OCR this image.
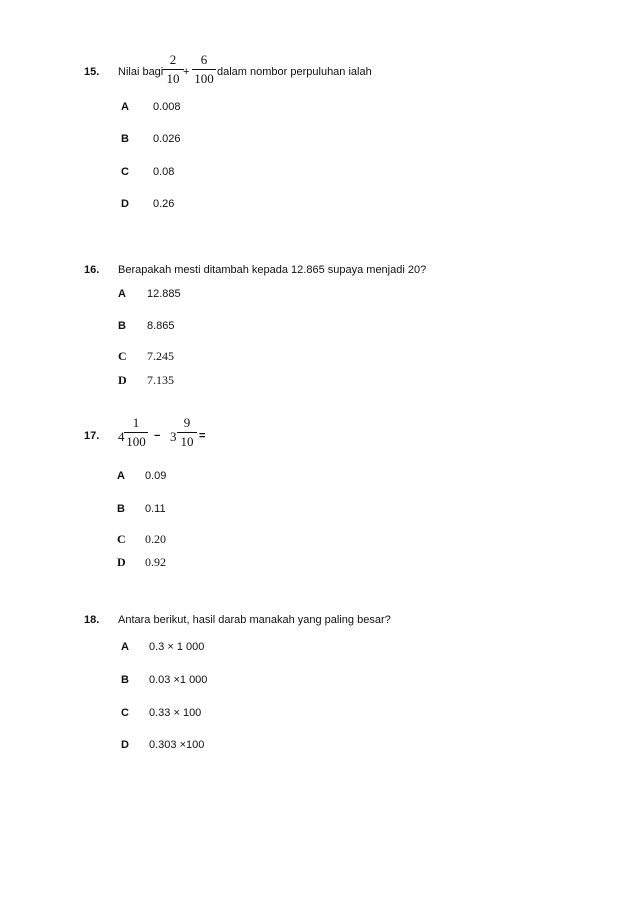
15. Nilai bagi
2
10 +
6
100 dalam nombor perpuluhan ialah
A 0.008
B 0.026
C 0.08
D 0.26
16. Berapakah mesti ditambah kepada 12.865 supaya menjadi 20?
A 12.885
B 8.865
C 7.245
D 7.135
17. 4
1
100 − 3
9
10 =
A 0.09
B 0.11
C 0.20
D 0.92
18. Antara berikut, hasil darab manakah yang paling besar?
A 0.3 × 1 000
B 0.03 ×1 000
C 0.33 × 100
D 0.303 ×100
